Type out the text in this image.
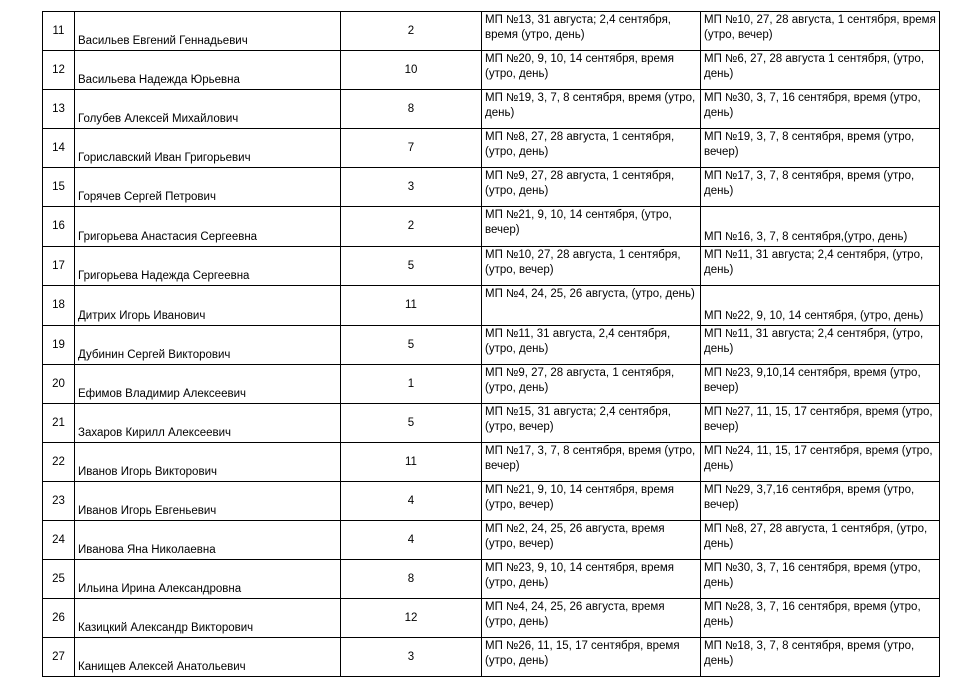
11	Васильев Евгений Геннадьевич	2	МП №13, 31 августа; 2,4 сентября, время (утро, день)	МП №10, 27, 28 августа, 1 сентября, время (утро, вечер)

12	Васильева Надежда Юрьевна	10	МП №20, 9, 10, 14 сентября, время (утро, день)	МП №6, 27, 28 августа 1 сентября, (утро, день)

13	Голубев Алексей Михайлович	8	МП №19, 3, 7, 8 сентября, время (утро, день)	МП №30, 3, 7, 16 сентября, время (утро, день)

14	Гориславский Иван Григорьевич	7	МП №8, 27, 28 августа, 1 сентября, (утро, день)	МП №19, 3, 7, 8 сентября, время (утро, вечер)

15	Горячев Сергей Петрович	3	МП №9, 27, 28 августа, 1 сентября, (утро, день)	МП №17, 3, 7, 8 сентября, время (утро, день)

16	Григорьева Анастасия Сергеевна	2	МП №21, 9, 10, 14 сентября, (утро, вечер)	МП №16, 3, 7, 8 сентября,(утро, день)

17	Григорьева Надежда Сергеевна	5	МП №10, 27, 28 августа, 1 сентября, (утро, вечер)	МП №11, 31 августа; 2,4 сентября, (утро, день)

18	Дитрих Игорь Иванович	11	МП №4, 24, 25, 26 августа, (утро, день)	МП №22, 9, 10, 14 сентября, (утро, день)

19	Дубинин Сергей Викторович	5	МП №11, 31 августа, 2,4 сентября, (утро, день)	МП №11, 31 августа; 2,4 сентября, (утро, день)

20	Ефимов Владимир Алексеевич	1	МП №9, 27, 28 августа, 1 сентября, (утро, день)	МП №23, 9,10,14 сентября, время (утро, вечер)

21	Захаров Кирилл Алексеевич	5	МП №15, 31 августа; 2,4 сентября, (утро, вечер)	МП №27, 11, 15, 17 сентября, время (утро, вечер)

22	Иванов Игорь Викторович	11	МП №17, 3, 7, 8 сентября, время (утро, вечер)	МП №24, 11, 15, 17 сентября, время (утро, день)

23	Иванов Игорь Евгеньевич	4	МП №21, 9, 10, 14 сентября, время (утро, вечер)	МП №29, 3,7,16 сентября, время (утро, вечер)

24	Иванова Яна Николаевна	4	МП №2, 24, 25, 26 августа, время (утро, вечер)	МП №8, 27, 28 августа, 1 сентября, (утро, день)

25	Ильина Ирина Александровна	8	МП №23, 9, 10, 14 сентября, время (утро, день)	МП №30, 3, 7, 16 сентября, время (утро, день)

26	Казицкий Александр Викторович	12	МП №4, 24, 25, 26 августа, время (утро, день)	МП №28, 3, 7, 16 сентября, время (утро, день)

27	Канищев Алексей Анатольевич	3	МП №26, 11, 15, 17 сентября, время (утро, день)	МП №18, 3, 7, 8 сентября, время (утро, день)
